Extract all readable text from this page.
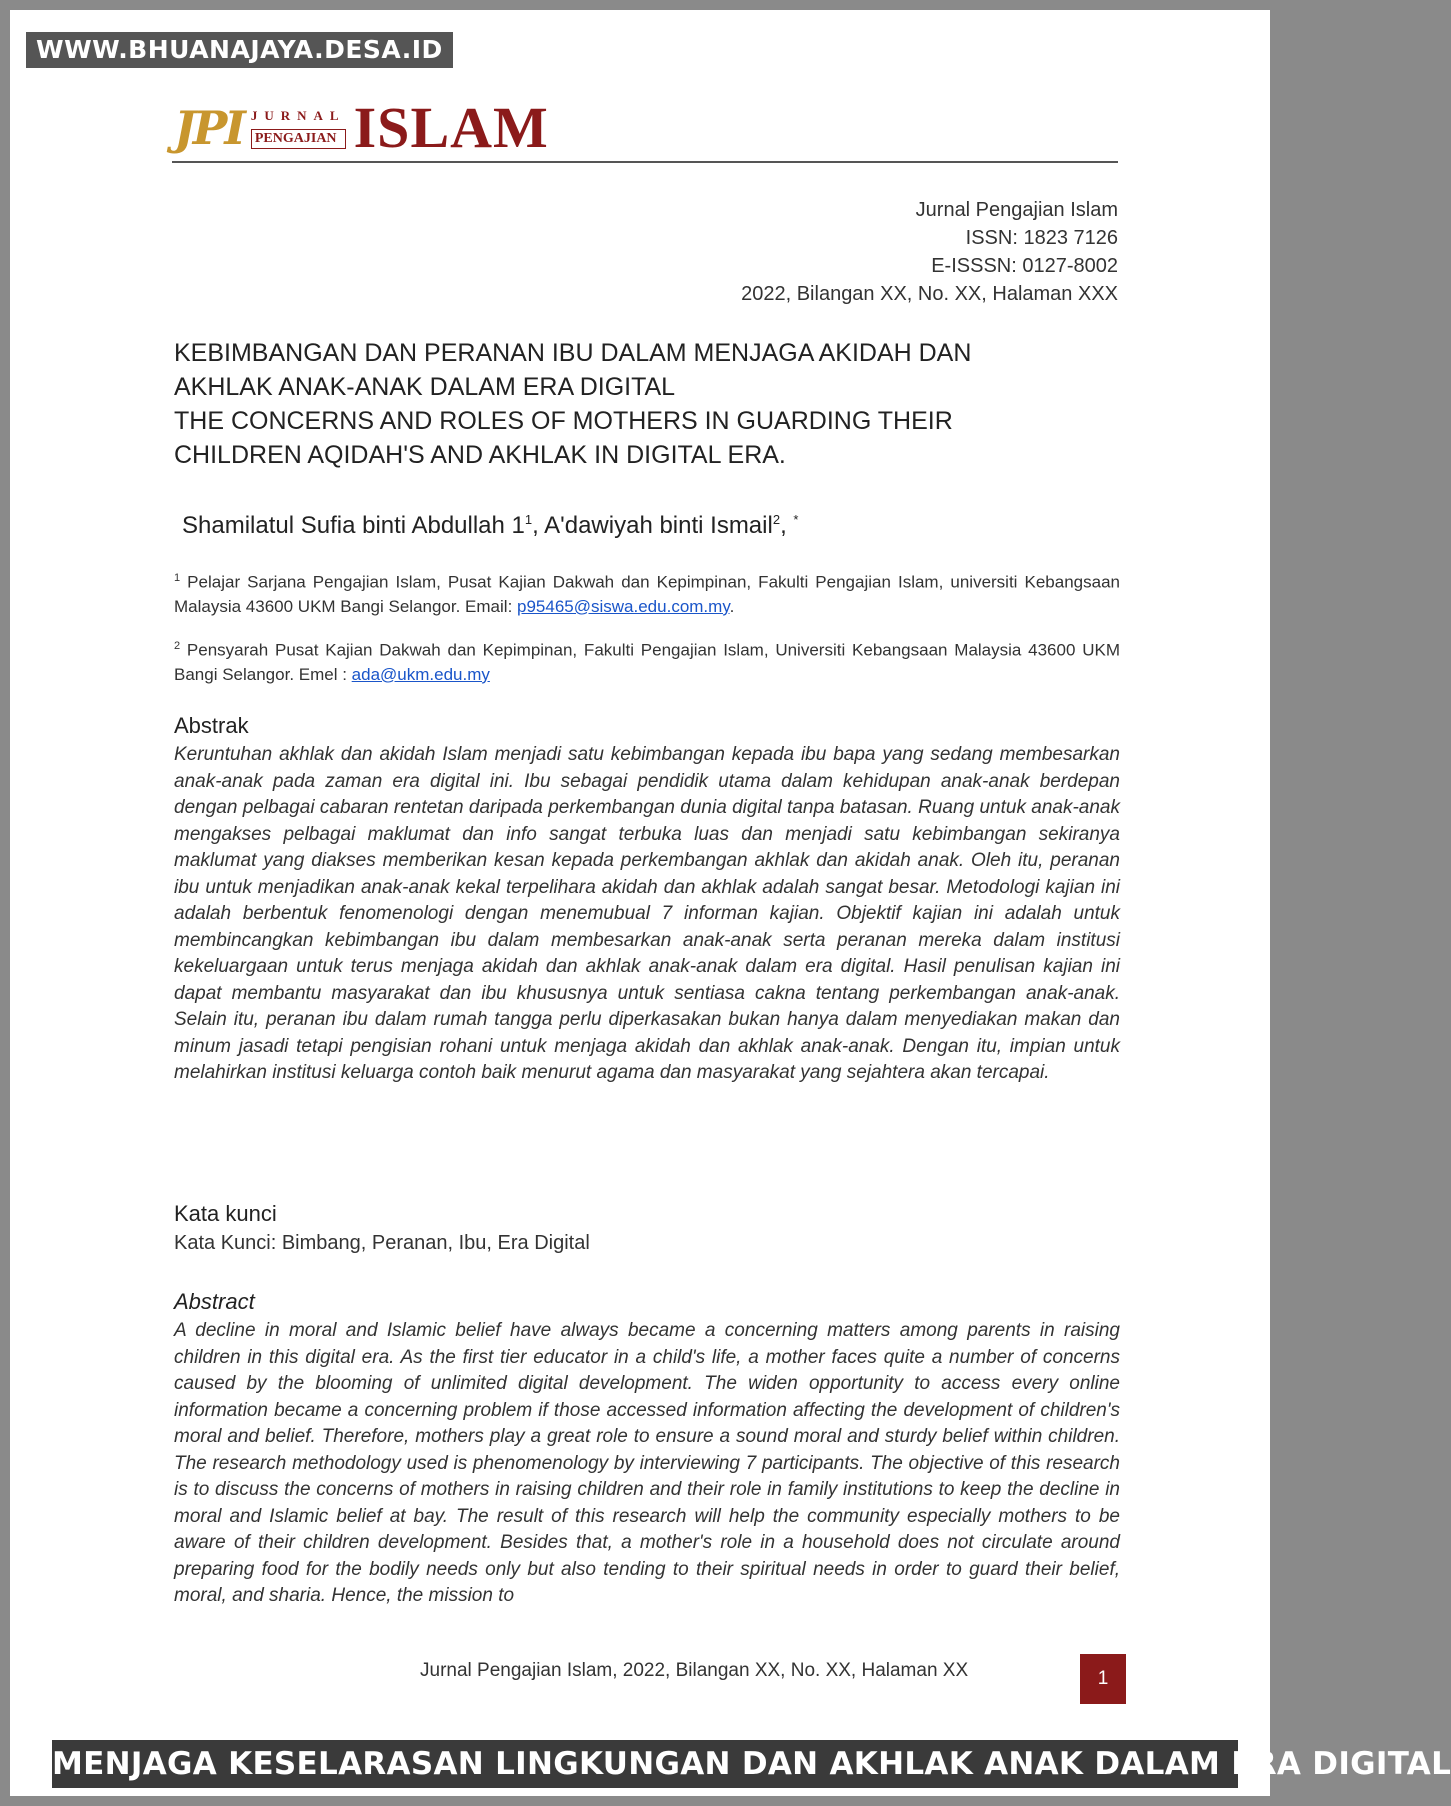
WWW.BHUANAJAYA.DESA.ID
JPI JURNAL
PENGAJIAN ISLAM
Jurnal Pengajian Islam
ISSN: 1823 7126
E-ISSSN: 0127-8002
2022, Bilangan XX, No. XX, Halaman XXX
KEBIMBANGAN DAN PERANAN IBU DALAM MENJAGA AKIDAH DAN
AKHLAK ANAK-ANAK DALAM ERA DIGITAL
THE CONCERNS AND ROLES OF MOTHERS IN GUARDING THEIR
CHILDREN AQIDAH'S AND AKHLAK IN DIGITAL ERA.
Shamilatul Sufia binti Abdullah $1^1$, A'dawiyah binti Ismail$^2$, *
$^1$ Pelajar Sarjana Pengajian Islam, Pusat Kajian Dakwah dan Kepimpinan, Fakulti Pengajian Islam, universiti Kebangsaan Malaysia 43600 UKM Bangi Selangor. Email: p95465@siswa.edu.com.my.
$^2$ Pensyarah Pusat Kajian Dakwah dan Kepimpinan, Fakulti Pengajian Islam, Universiti Kebangsaan Malaysia 43600 UKM Bangi Selangor. Emel : ada@ukm.edu.my
Abstrak

Keruntuhan akhlak dan akidah Islam menjadi satu kebimbangan kepada ibu bapa yang sedang membesarkan anak-anak pada zaman era digital ini. Ibu sebagai pendidik utama dalam kehidupan anak-anak berdepan dengan pelbagai cabaran rentetan daripada perkembangan dunia digital tanpa batasan. Ruang untuk anak-anak mengakses pelbagai maklumat dan info sangat terbuka luas dan menjadi satu kebimbangan sekiranya maklumat yang diakses memberikan kesan kepada perkembangan akhlak dan akidah anak. Oleh itu, peranan ibu untuk menjadikan anak-anak kekal terpelihara akidah dan akhlak adalah sangat besar. Metodologi kajian ini adalah berbentuk fenomenologi dengan menemubual 7 informan kajian. Objektif kajian ini adalah untuk membincangkan kebimbangan ibu dalam membesarkan anak-anak serta peranan mereka dalam institusi kekeluargaan untuk terus menjaga akidah dan akhlak anak-anak dalam era digital. Hasil penulisan kajian ini dapat membantu masyarakat dan ibu khususnya untuk sentiasa cakna tentang perkembangan anak-anak. Selain itu, peranan ibu dalam rumah tangga perlu diperkasakan bukan hanya dalam menyediakan makan dan minum jasadi tetapi pengisian rohani untuk menjaga akidah dan akhlak anak-anak. Dengan itu, impian untuk melahirkan institusi keluarga contoh baik menurut agama dan masyarakat yang sejahtera akan tercapai.

Kata kunci
Kata Kunci: Bimbang, Peranan, Ibu, Era Digital
Abstract

A decline in moral and Islamic belief have always became a concerning matters among parents in raising children in this digital era. As the first tier educator in a child's life, a mother faces quite a number of concerns caused by the blooming of unlimited digital development. The widen opportunity to access every online information became a concerning problem if those accessed information affecting the development of children's moral and belief. Therefore, mothers play a great role to ensure a sound moral and sturdy belief within children. The research methodology used is phenomenology by interviewing 7 participants. The objective of this research is to discuss the concerns of mothers in raising children and their role in family institutions to keep the decline in moral and Islamic belief at bay. The result of this research will help the community especially mothers to be aware of their children development. Besides that, a mother's role in a household does not circulate around preparing food for the bodily needs only but also tending to their spiritual needs in order to guard their belief, moral, and sharia. Hence, the mission to

Jurnal Pengajian Islam, 2022, Bilangan XX, No. XX, Halaman XX	1
MENJAGA KESELARASAN LINGKUNGAN DAN AKHLAK ANAK DALAM ERA DIGITAL
